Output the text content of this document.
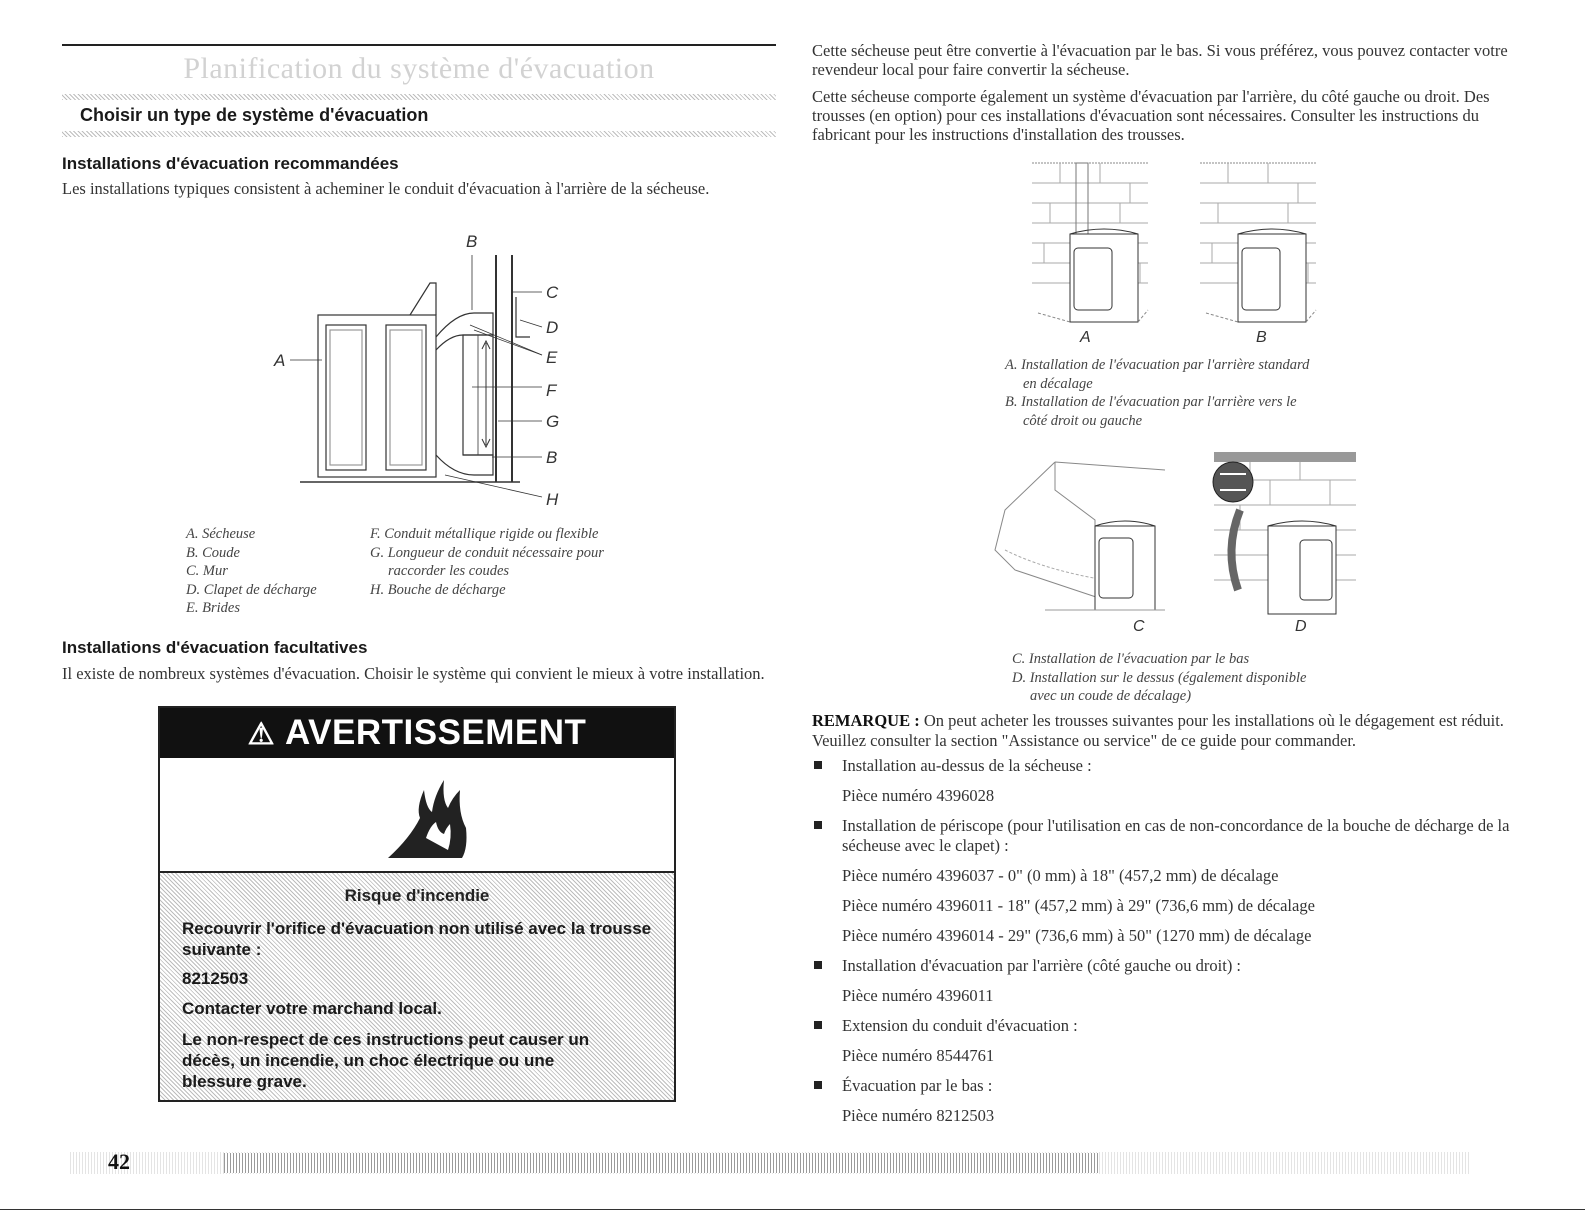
Planification du système d'évacuation
Choisir un type de système d'évacuation
Installations d'évacuation recommandées
Les installations typiques consistent à acheminer le conduit d'évacuation à l'arrière de la sécheuse.
A
B
C
D
E
F
G
B
H
A. Sécheuse
B. Coude
C. Mur
D. Clapet de décharge
E. Brides
F. Conduit métallique rigide ou flexible
G. Longueur de conduit nécessaire pour
raccorder les coudes
H. Bouche de décharge
Installations d'évacuation facultatives
Il existe de nombreux systèmes d'évacuation. Choisir le système qui convient le mieux à votre installation.
⚠ AVERTISSEMENT
Risque d'incendie
Recouvrir l'orifice d'évacuation non utilisé avec la trousse suivante :
8212503
Contacter votre marchand local.
Le non-respect de ces instructions peut causer un décès, un incendie, un choc électrique ou une blessure grave.
42
Cette sécheuse peut être convertie à l'évacuation par le bas. Si vous préférez, vous pouvez contacter votre revendeur local pour faire convertir la sécheuse.
Cette sécheuse comporte également un système d'évacuation par l'arrière, du côté gauche ou droit. Des trousses (en option) pour ces installations d'évacuation sont nécessaires. Consulter les instructions du fabricant pour les instructions d'installation des trousses.
A	B
A. Installation de l'évacuation par l'arrière standard
en décalage
B. Installation de l'évacuation par l'arrière vers le
côté droit ou gauche
C	D
C. Installation de l'évacuation par le bas
D. Installation sur le dessus (également disponible
avec un coude de décalage)
REMARQUE : On peut acheter les trousses suivantes pour les installations où le dégagement est réduit. Veuillez consulter la section "Assistance ou service" de ce guide pour commander.
Installation au-dessus de la sécheuse :
Pièce numéro 4396028
Installation de périscope (pour l'utilisation en cas de non-concordance de la bouche de décharge de la sécheuse avec le clapet) :
Pièce numéro 4396037 - 0" (0 mm) à 18" (457,2 mm) de décalage
Pièce numéro 4396011 - 18" (457,2 mm) à 29" (736,6 mm) de décalage
Pièce numéro 4396014 - 29" (736,6 mm) à 50" (1270 mm) de décalage
Installation d'évacuation par l'arrière (côté gauche ou droit) :
Pièce numéro 4396011
Extension du conduit d'évacuation :
Pièce numéro 8544761
Évacuation par le bas :
Pièce numéro 8212503
